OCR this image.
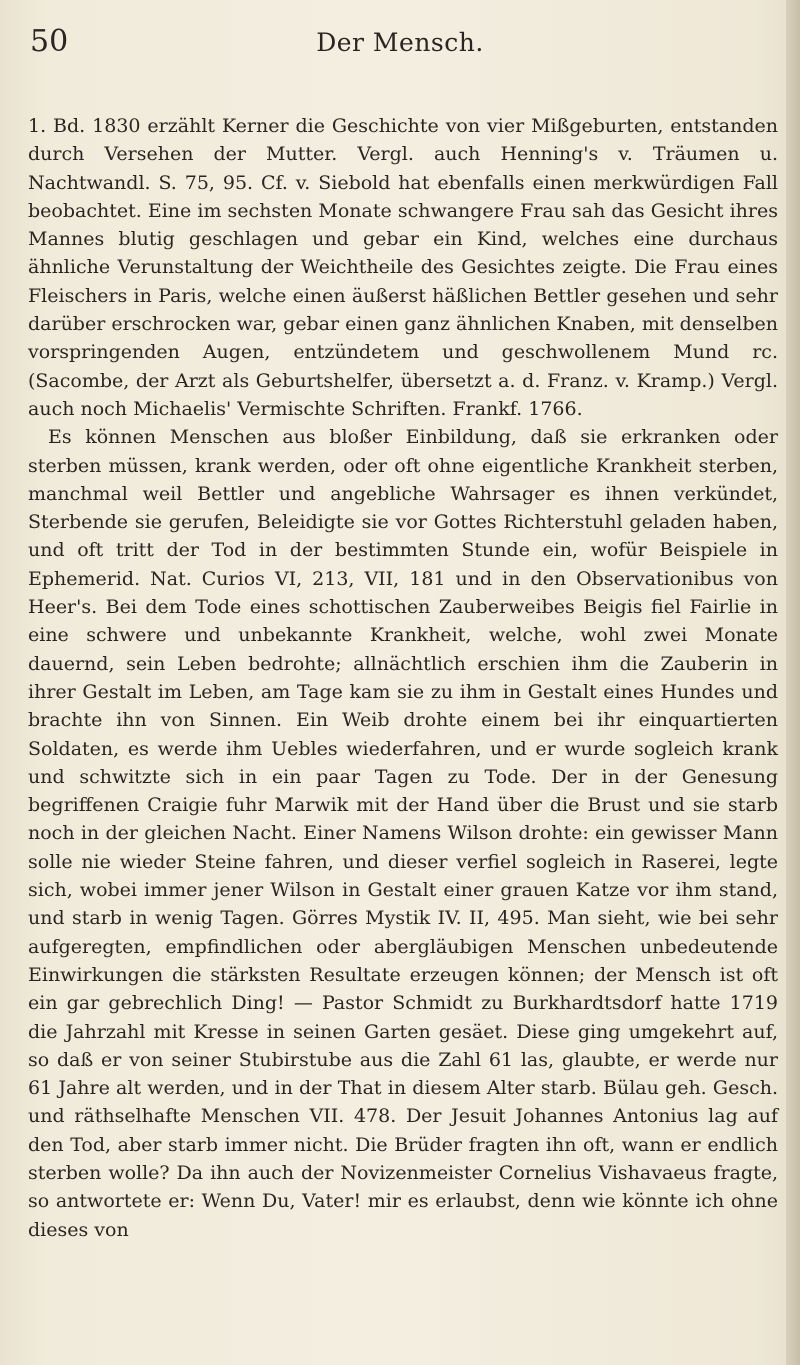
50	Der Mensch.

1. Bd. 1830 erzählt Kerner die Geschichte von vier Mißgeburten, entstanden durch Versehen der Mutter. Vergl. auch Henning's v. Träumen u. Nachtwandl. S. 75, 95. Cf. v. Siebold hat ebenfalls einen merkwürdigen Fall beobachtet. Eine im sechsten Monate schwangere Frau sah das Gesicht ihres Mannes blutig geschlagen und gebar ein Kind, welches eine durchaus ähnliche Verunstaltung der Weichtheile des Gesichtes zeigte. Die Frau eines Fleischers in Paris, welche einen äußerst häßlichen Bettler gesehen und sehr darüber erschrocken war, gebar einen ganz ähnlichen Knaben, mit denselben vorspringenden Augen, entzündetem und geschwollenem Mund rc. (Sacombe, der Arzt als Geburtshelfer, übersetzt a. d. Franz. v. Kramp.) Vergl. auch noch Michaelis' Vermischte Schriften. Frankf. 1766.

Es können Menschen aus bloßer Einbildung, daß sie erkranken oder sterben müssen, krank werden, oder oft ohne eigentliche Krankheit sterben, manchmal weil Bettler und angebliche Wahrsager es ihnen verkündet, Sterbende sie gerufen, Beleidigte sie vor Gottes Richterstuhl geladen haben, und oft tritt der Tod in der bestimmten Stunde ein, wofür Beispiele in Ephemerid. Nat. Curios VI, 213, VII, 181 und in den Observationibus von Heer's. Bei dem Tode eines schottischen Zauberweibes Beigis fiel Fairlie in eine schwere und unbekannte Krankheit, welche, wohl zwei Monate dauernd, sein Leben bedrohte; allnächtlich erschien ihm die Zauberin in ihrer Gestalt im Leben, am Tage kam sie zu ihm in Gestalt eines Hundes und brachte ihn von Sinnen. Ein Weib drohte einem bei ihr einquartierten Soldaten, es werde ihm Uebles wiederfahren, und er wurde sogleich krank und schwitzte sich in ein paar Tagen zu Tode. Der in der Genesung begriffenen Craigie fuhr Marwik mit der Hand über die Brust und sie starb noch in der gleichen Nacht. Einer Namens Wilson drohte: ein gewisser Mann solle nie wieder Steine fahren, und dieser verfiel sogleich in Raserei, legte sich, wobei immer jener Wilson in Gestalt einer grauen Katze vor ihm stand, und starb in wenig Tagen. Görres Mystik IV. II, 495. Man sieht, wie bei sehr aufgeregten, empfindlichen oder abergläubigen Menschen unbedeutende Einwirkungen die stärksten Resultate erzeugen können; der Mensch ist oft ein gar gebrechlich Ding! — Pastor Schmidt zu Burkhardtsdorf hatte 1719 die Jahrzahl mit Kresse in seinen Garten gesäet. Diese ging umgekehrt auf, so daß er von seiner Stubirstube aus die Zahl 61 las, glaubte, er werde nur 61 Jahre alt werden, und in der That in diesem Alter starb. Bülau geh. Gesch. und räthselhafte Menschen VII. 478. Der Jesuit Johannes Antonius lag auf den Tod, aber starb immer nicht. Die Brüder fragten ihn oft, wann er endlich sterben wolle? Da ihn auch der Novizenmeister Cornelius Vishavaeus fragte, so antwortete er: Wenn Du, Vater! mir es erlaubst, denn wie könnte ich ohne dieses von
